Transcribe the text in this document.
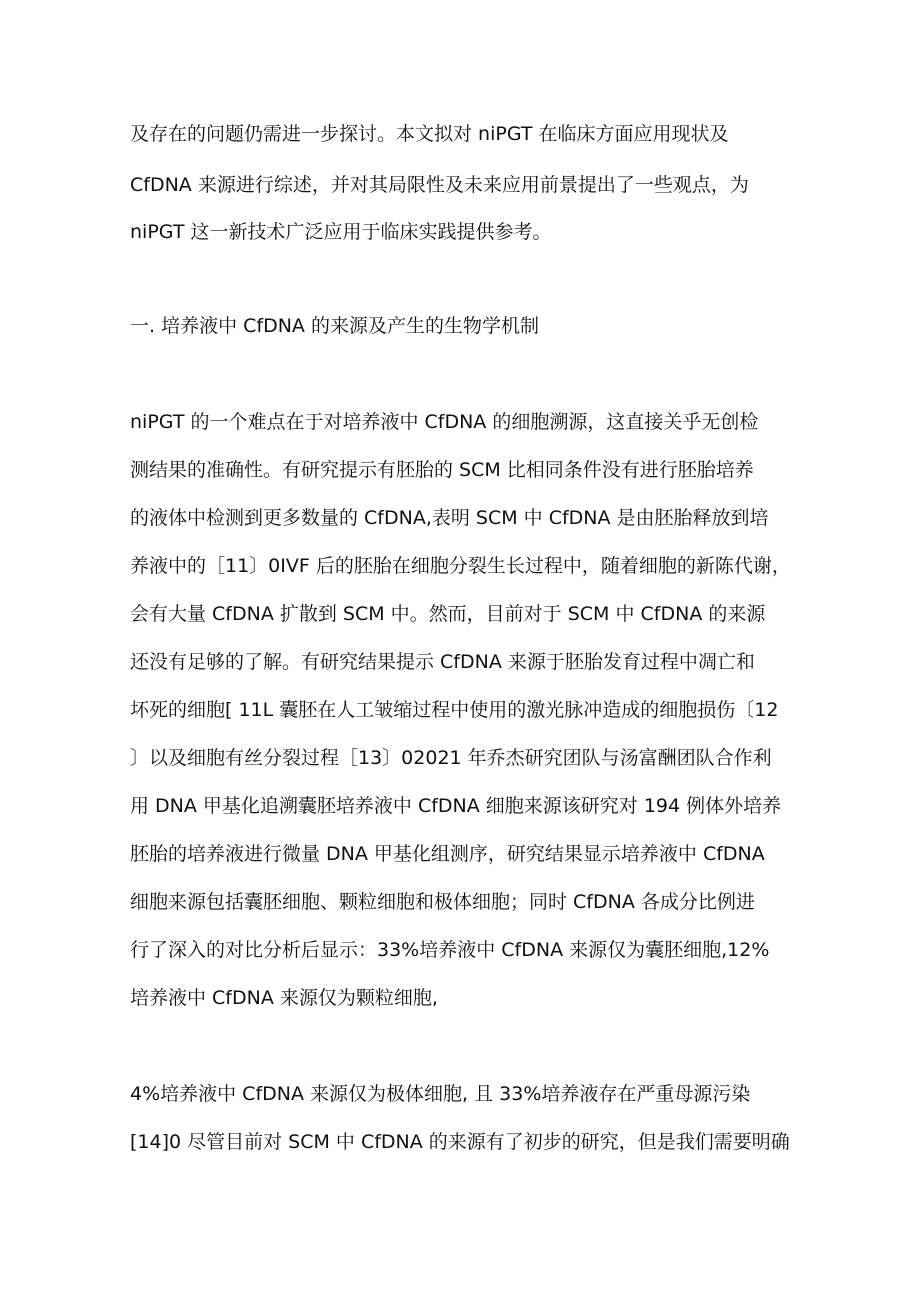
及存在的问题仍需进一步探讨。本文拟对 niPGT 在临床方面应用现状及
CfDNA 来源进行综述，并对其局限性及未来应用前景提出了一些观点，为
niPGT 这一新技术广泛应用于临床实践提供参考。
一. 培养液中 CfDNA 的来源及产生的生物学机制
niPGT 的一个难点在于对培养液中 CfDNA 的细胞溯源，这直接关乎无创检
测结果的准确性。有研究提示有胚胎的 SCM 比相同条件没有进行胚胎培养
的液体中检测到更多数量的 CfDNA,表明 SCM 中 CfDNA 是由胚胎释放到培
养液中的［11〕0IVF 后的胚胎在细胞分裂生长过程中，随着细胞的新陈代谢，
会有大量 CfDNA 扩散到 SCM 中。然而，目前对于 SCM 中 CfDNA 的来源
还没有足够的了解。有研究结果提示 CfDNA 来源于胚胎发育过程中凋亡和
坏死的细胞[ 11L 囊胚在人工皱缩过程中使用的激光脉冲造成的细胞损伤〔12
〕以及细胞有丝分裂过程［13〕02021 年乔杰研究团队与汤富酬团队合作利
用 DNA 甲基化追溯囊胚培养液中 CfDNA 细胞来源该研究对 194 例体外培养
胚胎的培养液进行微量 DNA 甲基化组测序，研究结果显示培养液中 CfDNA
细胞来源包括囊胚细胞、颗粒细胞和极体细胞；同时 CfDNA 各成分比例进
行了深入的对比分析后显示：33%培养液中 CfDNA 来源仅为囊胚细胞,12%
培养液中 CfDNA 来源仅为颗粒细胞,
4%培养液中 CfDNA 来源仅为极体细胞, 且 33%培养液存在严重母源污染
[14]0 尽管目前对 SCM 中 CfDNA 的来源有了初步的研究，但是我们需要明确
